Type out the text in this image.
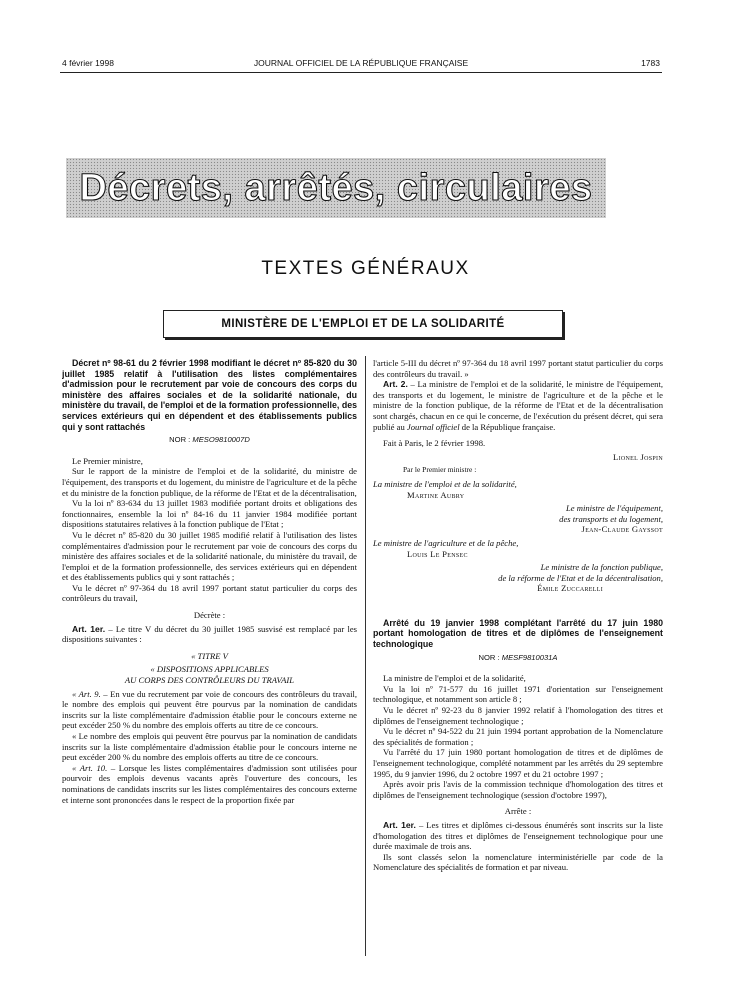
4 février 1998	JOURNAL OFFICIEL DE LA RÉPUBLIQUE FRANÇAISE	1783
Décrets, arrêtés, circulaires
TEXTES GÉNÉRAUX
MINISTÈRE DE L'EMPLOI ET DE LA SOLIDARITÉ

Décret nº 98-61 du 2 février 1998 modifiant le décret nº 85-820 du 30 juillet 1985 relatif à l'utilisation des listes complémentaires d'admission pour le recrutement par voie de concours des corps du ministère des affaires sociales et de la solidarité nationale, du ministère du travail, de l'emploi et de la formation professionnelle, des services extérieurs qui en dépendent et des établissements publics qui y sont rattachés

NOR : MESO9810007D

Le Premier ministre,

Sur le rapport de la ministre de l'emploi et de la solidarité, du ministre de l'équipement, des transports et du logement, du ministre de l'agriculture et de la pêche et du ministre de la fonction publique, de la réforme de l'Etat et de la décentralisation,

Vu la loi nº 83-634 du 13 juillet 1983 modifiée portant droits et obligations des fonctionnaires, ensemble la loi nº 84-16 du 11 janvier 1984 modifiée portant dispositions statutaires relatives à la fonction publique de l'Etat ;

Vu le décret nº 85-820 du 30 juillet 1985 modifié relatif à l'utilisation des listes complémentaires d'admission pour le recrutement par voie de concours des corps du ministère des affaires sociales et de la solidarité nationale, du ministère du travail, de l'emploi et de la formation professionnelle, des services extérieurs qui en dépendent et des établissements publics qui y sont rattachés ;

Vu le décret nº 97-364 du 18 avril 1997 portant statut particulier du corps des contrôleurs du travail,

Décrète :

Art. 1er. – Le titre V du décret du 30 juillet 1985 susvisé est remplacé par les dispositions suivantes :

« TITRE V

« DISPOSITIONS APPLICABLES

AU CORPS DES CONTRÔLEURS DU TRAVAIL

« Art. 9. – En vue du recrutement par voie de concours des contrôleurs du travail, le nombre des emplois qui peuvent être pourvus par la nomination de candidats inscrits sur la liste complémentaire d'admission établie pour le concours externe ne peut excéder 250 % du nombre des emplois offerts au titre de ce concours.

« Le nombre des emplois qui peuvent être pourvus par la nomination de candidats inscrits sur la liste complémentaire d'admission établie pour le concours interne ne peut excéder 200 % du nombre des emplois offerts au titre de ce concours.

« Art. 10. – Lorsque les listes complémentaires d'admission sont utilisées pour pourvoir des emplois devenus vacants après l'ouverture des concours, les nominations de candidats inscrits sur les listes complémentaires des concours externe et interne sont prononcées dans le respect de la proportion fixée par

l'article 5-III du décret nº 97-364 du 18 avril 1997 portant statut particulier du corps des contrôleurs du travail. »

Art. 2. – La ministre de l'emploi et de la solidarité, le ministre de l'équipement, des transports et du logement, le ministre de l'agriculture et de la pêche et le ministre de la fonction publique, de la réforme de l'Etat et de la décentralisation sont chargés, chacun en ce qui le concerne, de l'exécution du présent décret, qui sera publié au Journal officiel de la République française.

Fait à Paris, le 2 février 1998.

Lionel Jospin

Par le Premier ministre :

La ministre de l'emploi et de la solidarité,

Martine Aubry

Le ministre de l'équipement,

des transports et du logement,

Jean-Claude Gayssot

Le ministre de l'agriculture et de la pêche,

Louis Le Pensec

Le ministre de la fonction publique,

de la réforme de l'Etat et de la décentralisation,

Émile Zuccarelli

Arrêté du 19 janvier 1998 complétant l'arrêté du 17 juin 1980 portant homologation de titres et de diplômes de l'enseignement technologique

NOR : MESF9810031A

La ministre de l'emploi et de la solidarité,

Vu la loi nº 71-577 du 16 juillet 1971 d'orientation sur l'enseignement technologique, et notamment son article 8 ;

Vu le décret nº 92-23 du 8 janvier 1992 relatif à l'homologation des titres et diplômes de l'enseignement technologique ;

Vu le décret nº 94-522 du 21 juin 1994 portant approbation de la Nomenclature des spécialités de formation ;

Vu l'arrêté du 17 juin 1980 portant homologation de titres et de diplômes de l'enseignement technologique, complété notamment par les arrêtés du 29 septembre 1995, du 9 janvier 1996, du 2 octobre 1997 et du 21 octobre 1997 ;

Après avoir pris l'avis de la commission technique d'homologation des titres et diplômes de l'enseignement technologique (session d'octobre 1997),

Arrête :

Art. 1er. – Les titres et diplômes ci-dessous énumérés sont inscrits sur la liste d'homologation des titres et diplômes de l'enseignement technologique pour une durée maximale de trois ans.

Ils sont classés selon la nomenclature interministérielle par code de la Nomenclature des spécialités de formation et par niveau.
